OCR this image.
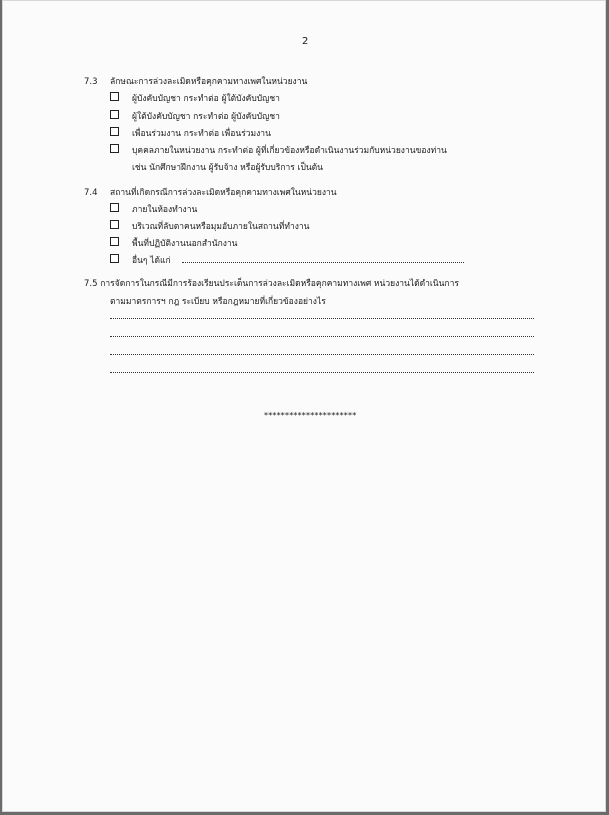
2
7.3 ลักษณะการล่วงละเมิดหรือคุกคามทางเพศในหน่วยงาน
ผู้บังคับบัญชา กระทำต่อ ผู้ใต้บังคับบัญชา
ผู้ใต้บังคับบัญชา กระทำต่อ ผู้บังคับบัญชา
เพื่อนร่วมงาน กระทำต่อ เพื่อนร่วมงาน
บุคคลภายในหน่วยงาน กระทำต่อ ผู้ที่เกี่ยวข้องหรือดำเนินงานร่วมกับหน่วยงานของท่าน
เช่น นักศึกษาฝึกงาน ผู้รับจ้าง หรือผู้รับบริการ เป็นต้น
7.4 สถานที่เกิดกรณีการล่วงละเมิดหรือคุกคามทางเพศในหน่วยงาน
ภายในห้องทำงาน
บริเวณที่ลับตาคนหรือมุมอับภายในสถานที่ทำงาน
พื้นที่ปฏิบัติงานนอกสำนักงาน
อื่นๆ ได้แก่
7.5 การจัดการในกรณีมีการร้องเรียนประเด็นการล่วงละเมิดหรือคุกคามทางเพศ หน่วยงานได้ดำเนินการ
ตามมาตรการฯ กฎ ระเบียบ หรือกฎหมายที่เกี่ยวข้องอย่างไร
**********************
